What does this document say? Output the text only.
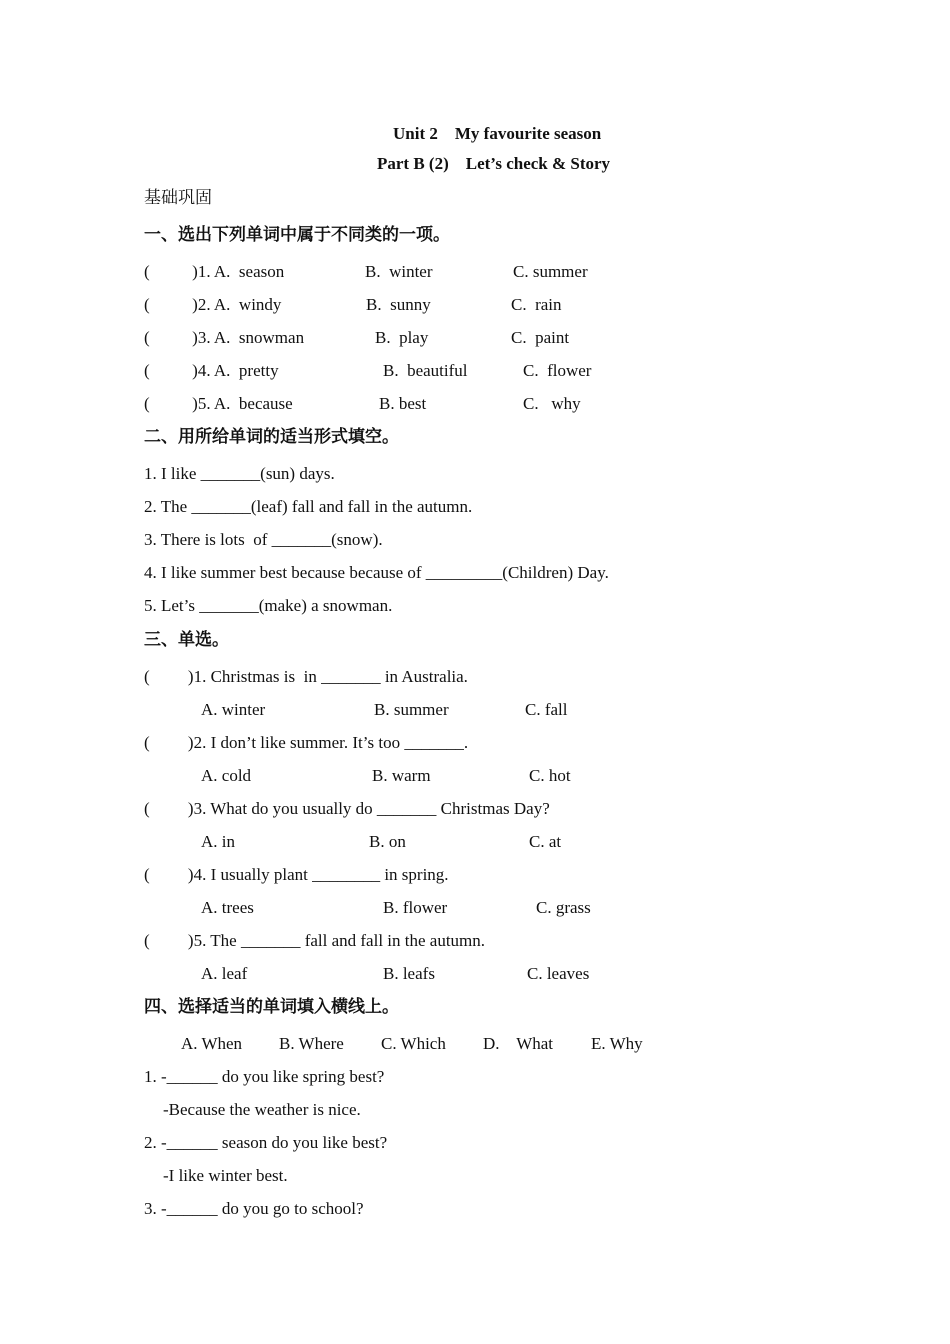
Unit 2    My favourite season
Part B (2)    Let’s check & Story
基础巩固
一、选出下列单词中属于不同类的一项。
(          )1. A.  season	B.  winter	C. summer
(          )2. A.  windy	B.  sunny	C.  rain
(          )3. A.  snowman	B.  play	C.  paint
(          )4. A.  pretty	B.  beautiful	C.  flower
(          )5. A.  because	B. best	C.   why
二、用所给单词的适当形式填空。
1. I like _______(sun) days.
2. The _______(leaf) fall and fall in the autumn.
3. There is lots  of _______(snow).
4. I like summer best because because of _________(Children) Day.
5. Let’s _______(make) a snowman.
三、单选。
(         )1. Christmas is  in _______ in Australia.
A. winter	B. summer	C. fall
(         )2. I don’t like summer. It’s too _______.
A. cold	B. warm	C. hot
(         )3. What do you usually do _______ Christmas Day?
A. in	B. on	C. at
(         )4. I usually plant ________ in spring.
A. trees	B. flower	C. grass
(         )5. The _______ fall and fall in the autumn.
A. leaf	B. leafs	C. leaves
四、选择适当的单词填入横线上。
A. When B. Where C. Which D.    What E. Why
1. -______ do you like spring best?
-Because the weather is nice.
2. -______ season do you like best?
-I like winter best.
3. -______ do you go to school?
